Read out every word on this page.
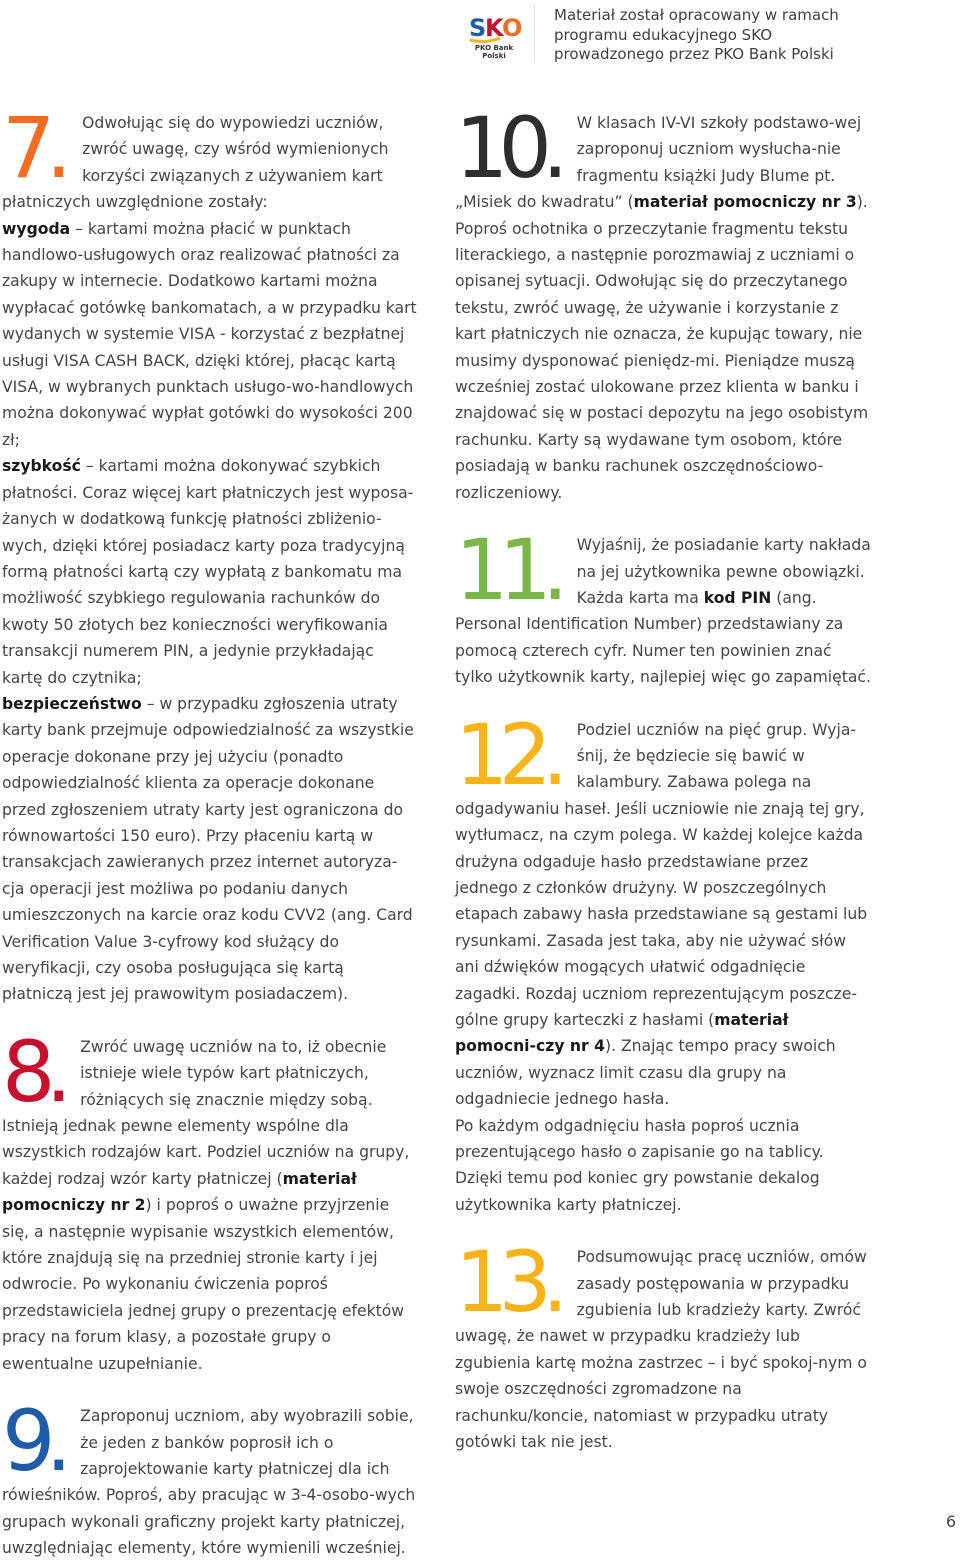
S
K
O
PKO Bank Polski
Materiał został opracowany w ramach programu edukacyjnego SKO prowadzonego przez PKO Bank Polski
7.	Odwołując się do wypowiedzi uczniów, zwróć uwagę, czy wśród wymienionych korzyści związanych z używaniem kart płatniczych uwzględnione zostały:

wygoda – kartami można płacić w punktach handlowo-usługowych oraz realizować płatności za zakupy w internecie. Dodatkowo kartami można wypłacać gotówkę bankomatach, a w przypadku kart wydanych w systemie VISA - korzystać z bezpłatnej usługi VISA CASH BACK, dzięki której, płacąc kartą VISA, w wybranych punktach usługo-wo-handlowych można dokonywać wypłat gotówki do wysokości 200 zł;

szybkość – kartami można dokonywać szybkich płatności. Coraz więcej kart płatniczych jest wyposa-żanych w dodatkową funkcję płatności zbliżenio-wych, dzięki której posiadacz karty poza tradycyjną formą płatności kartą czy wypłatą z bankomatu ma możliwość szybkiego regulowania rachunków do kwoty 50 złotych bez konieczności weryfikowania transakcji numerem PIN, a jedynie przykładając kartę do czytnika;

bezpieczeństwo – w przypadku zgłoszenia utraty karty bank przejmuje odpowiedzialność za wszystkie operacje dokonane przy jej użyciu (ponadto odpowiedzialność klienta za operacje dokonane przed zgłoszeniem utraty karty jest ograniczona do równowartości 150 euro). Przy płaceniu kartą w transakcjach zawieranych przez internet autoryza-cja operacji jest możliwa po podaniu danych umieszczonych na karcie oraz kodu CVV2 (ang. Card Verification Value 3-cyfrowy kod służący do weryfikacji, czy osoba posługująca się kartą płatniczą jest jej prawowitym posiadaczem).

8.	Zwróć uwagę uczniów na to, iż obecnie istnieje wiele typów kart płatniczych, różniących się znacznie między sobą. Istnieją jednak pewne elementy wspólne dla wszystkich rodzajów kart. Podziel uczniów na grupy, każdej rodzaj wzór karty płatniczej (materiał pomocniczy nr 2) i poproś o uważne przyjrzenie się, a następnie wypisanie wszystkich elementów, które znajdują się na przedniej stronie karty i jej odwrocie. Po wykonaniu ćwiczenia poproś przedstawiciela jednej grupy o prezentację efektów pracy na forum klasy, a pozostałe grupy o ewentualne uzupełnianie.

9.	Zaproponuj uczniom, aby wyobrazili sobie, że jeden z banków poprosił ich o zaprojektowanie karty płatniczej dla ich rówieśników. Poproś, aby pracując w 3-4-osobo-wych grupach wykonali graficzny projekt karty płatniczej, uwzględniając elementy, które wymienili wcześniej.

10.	W klasach IV-VI szkoły podstawo-wej zaproponuj uczniom wysłucha-nie fragmentu książki Judy Blume pt. „Misiek do kwadratu” (materiał pomocniczy nr 3). Poproś ochotnika o przeczytanie fragmentu tekstu literackiego, a następnie porozmawiaj z uczniami o opisanej sytuacji. Odwołując się do przeczytanego tekstu, zwróć uwagę, że używanie i korzystanie z kart płatniczych nie oznacza, że kupując towary, nie musimy dysponować pieniędz-mi. Pieniądze muszą wcześniej zostać ulokowane przez klienta w banku i znajdować się w postaci depozytu na jego osobistym rachunku. Karty są wydawane tym osobom, które posiadają w banku rachunek oszczędnościowo-rozliczeniowy.

11.	Wyjaśnij, że posiadanie karty nakłada na jej użytkownika pewne obowiązki. Każda karta ma kod PIN (ang. Personal Identification Number) przedstawiany za pomocą czterech cyfr. Numer ten powinien znać tylko użytkownik karty, najlepiej więc go zapamiętać.

12.	Podziel uczniów na pięć grup. Wyja-śnij, że będziecie się bawić w kalambury. Zabawa polega na odgadywaniu haseł. Jeśli uczniowie nie znają tej gry, wytłumacz, na czym polega. W każdej kolejce każda drużyna odgaduje hasło przedstawiane przez jednego z członków drużyny. W poszczególnych etapach zabawy hasła przedstawiane są gestami lub rysunkami. Zasada jest taka, aby nie używać słów ani dźwięków mogących ułatwić odgadnięcie zagadki. Rozdaj uczniom reprezentującym poszcze-gólne grupy karteczki z hasłami (materiał pomocni-czy nr 4). Znając tempo pracy swoich uczniów, wyznacz limit czasu dla grupy na odgadniecie jednego hasła.

Po każdym odgadnięciu hasła poproś ucznia prezentującego hasło o zapisanie go na tablicy. Dzięki temu pod koniec gry powstanie dekalog użytkownika karty płatniczej.

13.	Podsumowując pracę uczniów, omów zasady postępowania w przypadku zgubienia lub kradzieży karty. Zwróć uwagę, że nawet w przypadku kradzieży lub zgubienia kartę można zastrzec – i być spokoj-nym o swoje oszczędności zgromadzone na rachunku/koncie, natomiast w przypadku utraty gotówki tak nie jest.

6
